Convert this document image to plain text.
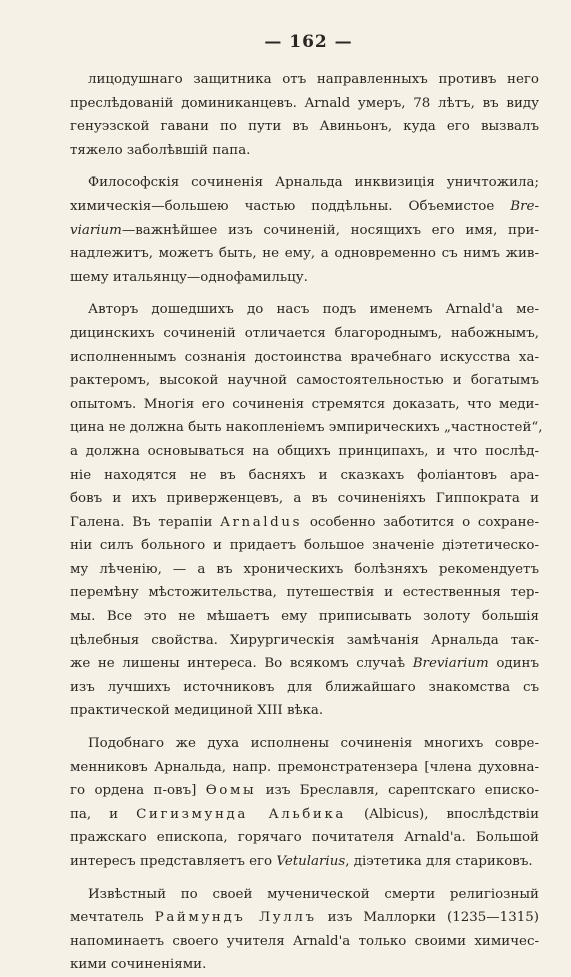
— 162 —
лицодушнаго защитника отъ направленныхъ противъ него
преслѣдованій доминиканцевъ. Arnald умеръ, 78 лѣтъ, въ виду
генуэзской гавани по пути въ Авиньонъ, куда его вызвалъ
тяжело заболѣвшій папа.
Философскія сочиненія Арнальда инквизиція уничтожила;
химическія—большею частью поддѣльны. Объемистое Bre-
viarium—важнѣйшее изъ сочиненій, носящихъ его имя, при-
надлежитъ, можетъ быть, не ему, а одновременно съ нимъ жив-
шему итальянцу—однофамильцу.
Авторъ дошедшихъ до насъ подъ именемъ Arnald'а ме-
дицинскихъ сочиненій отличается благороднымъ, набожнымъ,
исполненнымъ сознанія достоинства врачебнаго искусства ха-
рактеромъ, высокой научной самостоятельностью и богатымъ
опытомъ. Многія его сочиненія стремятся доказать, что меди-
цина не должна быть накопленіемъ эмпирическихъ „частностей“,
а должна основываться на общихъ принципахъ, и что послѣд-
ніе находятся не въ басняхъ и сказкахъ фоліантовъ ара-
бовъ и ихъ приверженцевъ, а въ сочиненіяхъ Гиппократа и
Галена. Въ терапіи Arnaldus особенно заботится о сохране-
ніи силъ больного и придаетъ большое значеніе діэтетическо-
му лѣченію, — а въ хроническихъ болѣзняхъ рекомендуетъ
перемѣну мѣстожительства, путешествія и естественныя тер-
мы. Все это не мѣшаетъ ему приписывать золоту большія
цѣлебныя свойства. Хирургическія замѣчанія Арнальда так-
же не лишены интереса. Во всякомъ случаѣ Breviarium одинъ
изъ лучшихъ источниковъ для ближайшаго знакомства съ
практической медициной XIII вѣка.
Подобнаго же духа исполнены сочиненія многихъ совре-
менниковъ Арнальда, напр. премонстратензера [члена духовна-
го ордена п-овъ] Ѳомы изъ Бреславля, сарептскаго еписко-
па, и Сигизмунда Альбика (Albicus), впослѣдствіи
пражскаго епископа, горячаго почитателя Arnald'а. Большой
интересъ представляетъ его Vetularius, діэтетика для стариковъ.
Извѣстный по своей мученической смерти религіозный
мечтатель Раймундъ Луллъ изъ Маллорки (1235—1315)
напоминаетъ своего учителя Arnald'а только своими химичес-
кими сочиненіями.
